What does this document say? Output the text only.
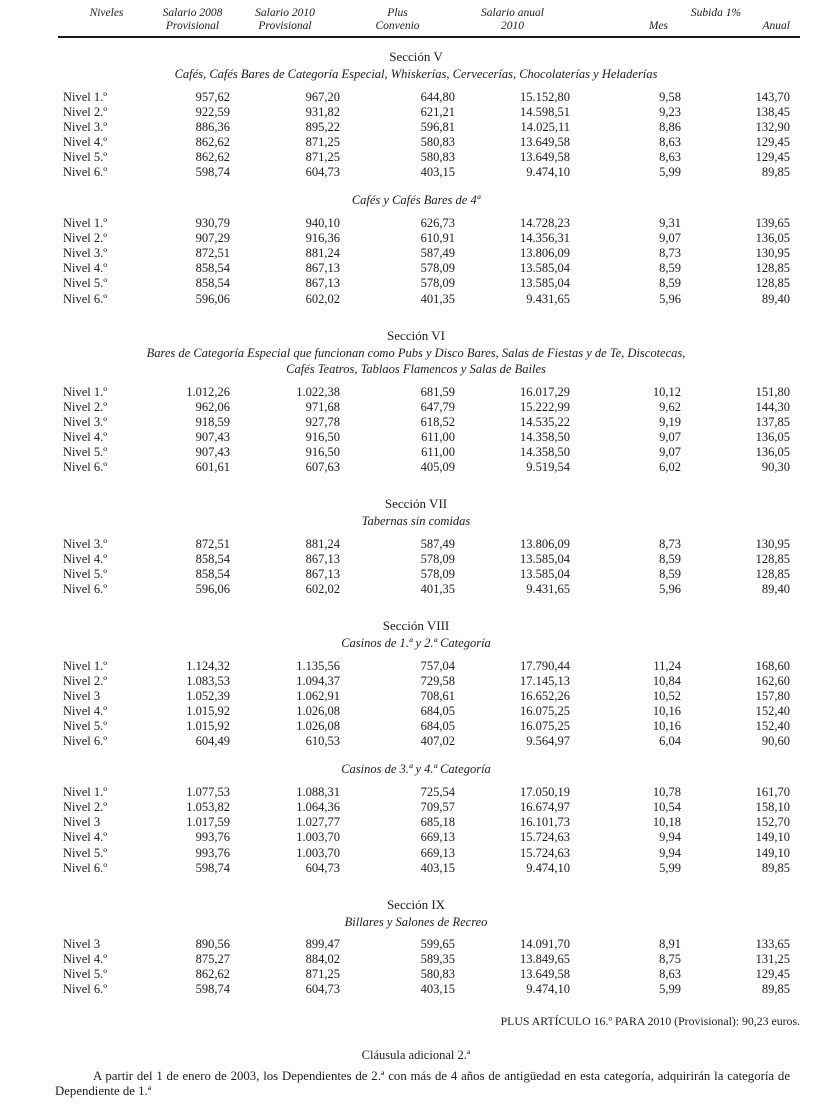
Niveles	Salario 2008	Salario 2010	Plus	Salario anual	Subida 1%
Provisional	Provisional	Convenio	2010	Mes	Anual
Sección V
Cafés, Cafés Bares de Categoría Especial, Whiskerías, Cervecerías, Chocolaterías y Heladerías
Nivel 1.º	957,62	967,20	644,80	15.152,80	9,58	143,70
Nivel 2.º	922,59	931,82	621,21	14.598,51	9,23	138,45
Nivel 3.º	886,36	895,22	596,81	14.025,11	8,86	132,90
Nivel 4.º	862,62	871,25	580,83	13.649,58	8,63	129,45
Nivel 5.º	862,62	871,25	580,83	13.649,58	8,63	129,45
Nivel 6.º	598,74	604,73	403,15	9.474,10	5,99	89,85
Cafés y Cafés Bares de 4ª
Nivel 1.º	930,79	940,10	626,73	14.728,23	9,31	139,65
Nivel 2.º	907,29	916,36	610,91	14.356,31	9,07	136,05
Nivel 3.º	872,51	881,24	587,49	13.806,09	8,73	130,95
Nivel 4.º	858,54	867,13	578,09	13.585,04	8,59	128,85
Nivel 5.º	858,54	867,13	578,09	13.585,04	8,59	128,85
Nivel 6.º	596,06	602,02	401,35	9.431,65	5,96	89,40
Sección VI
Bares de Categoría Especial que funcionan como Pubs y Disco Bares, Salas de Fiestas y de Te, Discotecas,
Cafés Teatros, Tablaos Flamencos y Salas de Bailes
Nivel 1.º	1.012,26	1.022,38	681,59	16.017,29	10,12	151,80
Nivel 2.º	962,06	971,68	647,79	15.222,99	9,62	144,30
Nivel 3.º	918,59	927,78	618,52	14.535,22	9,19	137,85
Nivel 4.º	907,43	916,50	611,00	14.358,50	9,07	136,05
Nivel 5.º	907,43	916,50	611,00	14.358,50	9,07	136,05
Nivel 6.º	601,61	607,63	405,09	9.519,54	6,02	90,30
Sección VII
Tabernas sin comidas
Nivel 3.º	872,51	881,24	587,49	13.806,09	8,73	130,95
Nivel 4.º	858,54	867,13	578,09	13.585,04	8,59	128,85
Nivel 5.º	858,54	867,13	578,09	13.585,04	8,59	128,85
Nivel 6.º	596,06	602,02	401,35	9.431,65	5,96	89,40
Sección VIII
Casinos de 1.ª y 2.ª Categoría
Nivel 1.º	1.124,32	1.135,56	757,04	17.790,44	11,24	168,60
Nivel 2.º	1.083,53	1.094,37	729,58	17.145,13	10,84	162,60
Nivel 3	1.052,39	1.062,91	708,61	16.652,26	10,52	157,80
Nivel 4.º	1.015,92	1.026,08	684,05	16.075,25	10,16	152,40
Nivel 5.º	1.015,92	1.026,08	684,05	16.075,25	10,16	152,40
Nivel 6.º	604,49	610,53	407,02	9.564,97	6,04	90,60
Casinos de 3.ª y 4.ª Categoría
Nivel 1.º	1.077,53	1.088,31	725,54	17.050,19	10,78	161,70
Nivel 2.º	1.053,82	1.064,36	709,57	16.674,97	10,54	158,10
Nivel 3	1.017,59	1.027,77	685,18	16.101,73	10,18	152,70
Nivel 4.º	993,76	1.003,70	669,13	15.724,63	9,94	149,10
Nivel 5.º	993,76	1.003,70	669,13	15.724,63	9,94	149,10
Nivel 6.º	598,74	604,73	403,15	9.474,10	5,99	89,85
Sección IX
Billares y Salones de Recreo
Nivel 3	890,56	899,47	599,65	14.091,70	8,91	133,65
Nivel 4.º	875,27	884,02	589,35	13.849,65	8,75	131,25
Nivel 5.º	862,62	871,25	580,83	13.649,58	8,63	129,45
Nivel 6.º	598,74	604,73	403,15	9.474,10	5,99	89,85
PLUS ARTÍCULO 16.º PARA 2010 (Provisional): 90,23 euros.
Cláusula adicional 2.ª

A partir del 1 de enero de 2003, los Dependientes de 2.ª con más de 4 años de antigüedad en esta categoría, adquirirán la categoría de Dependiente de 1.ª
